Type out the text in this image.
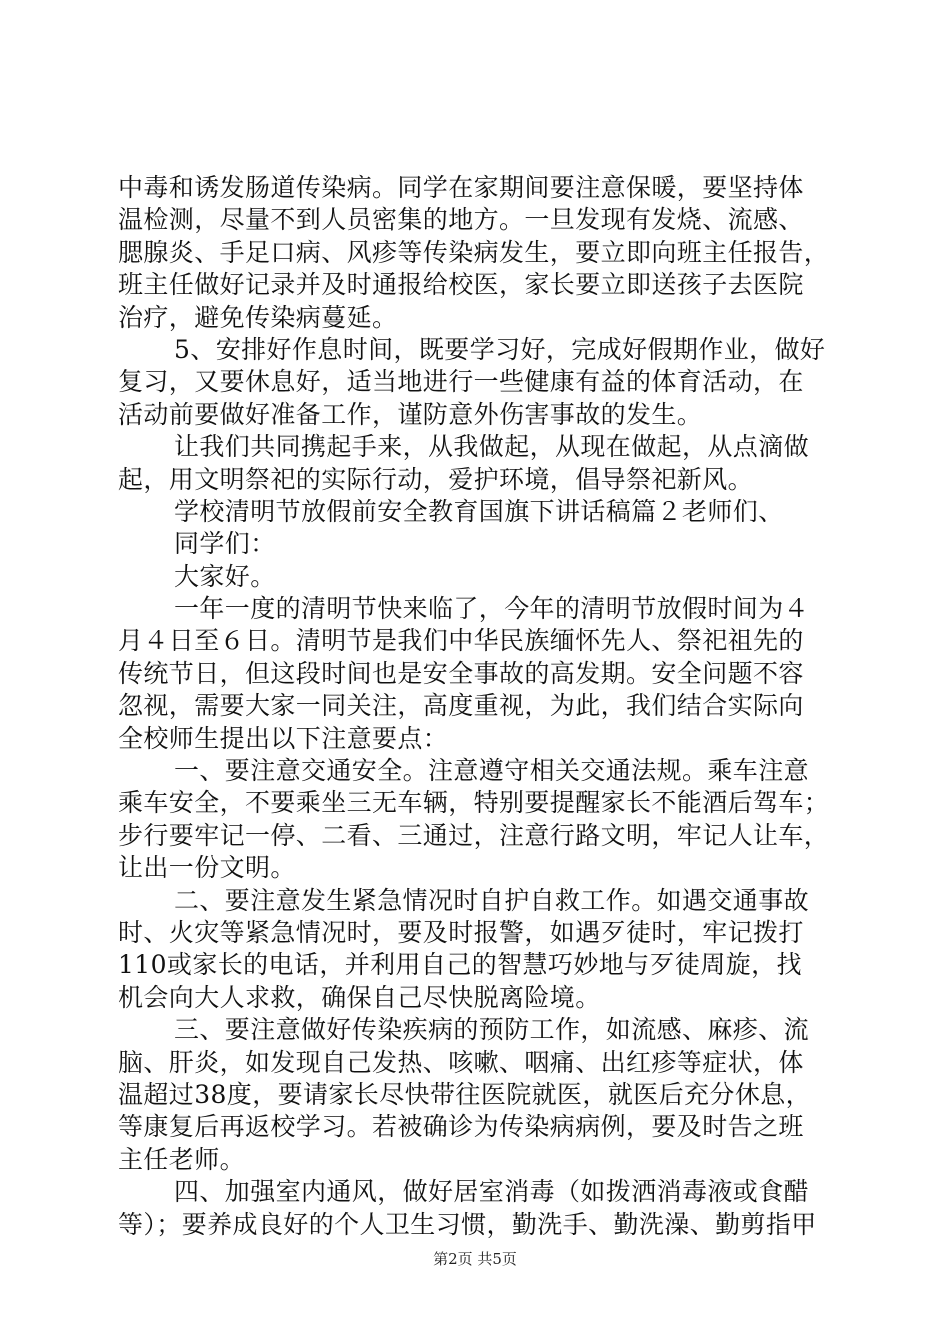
中毒和诱发肠道传染病。同学在家期间要注意保暖，要坚持体
温检测，尽量不到人员密集的地方。一旦发现有发烧、流感、
腮腺炎、手足口病、风疹等传染病发生，要立即向班主任报告，
班主任做好记录并及时通报给校医，家长要立即送孩子去医院
治疗，避免传染病蔓延。
5、安排好作息时间，既要学习好，完成好假期作业，做好
复习，又要休息好，适当地进行一些健康有益的体育活动，在
活动前要做好准备工作，谨防意外伤害事故的发生。
让我们共同携起手来，从我做起，从现在做起，从点滴做
起，用文明祭祀的实际行动，爱护环境，倡导祭祀新风。
学校清明节放假前安全教育国旗下讲话稿篇２老师们、
同学们：
大家好。
一年一度的清明节快来临了，今年的清明节放假时间为４
月４日至６日。清明节是我们中华民族缅怀先人、祭祀祖先的
传统节日，但这段时间也是安全事故的高发期。安全问题不容
忽视，需要大家一同关注，高度重视，为此，我们结合实际向
全校师生提出以下注意要点：
一、要注意交通安全。注意遵守相关交通法规。乘车注意
乘车安全，不要乘坐三无车辆，特别要提醒家长不能酒后驾车；
步行要牢记一停、二看、三通过，注意行路文明，牢记人让车，
让出一份文明。
二、要注意发生紧急情况时自护自救工作。如遇交通事故
时、火灾等紧急情况时，要及时报警，如遇歹徒时，牢记拨打
110或家长的电话，并利用自己的智慧巧妙地与歹徒周旋，找
机会向大人求救，确保自己尽快脱离险境。
三、要注意做好传染疾病的预防工作，如流感、麻疹、流
脑、肝炎，如发现自己发热、咳嗽、咽痛、出红疹等症状，体
温超过38度，要请家长尽快带往医院就医，就医后充分休息，
等康复后再返校学习。若被确诊为传染病病例，要及时告之班
主任老师。
四、加强室内通风，做好居室消毒（如拨洒消毒液或食醋
等）；要养成良好的个人卫生习惯，勤洗手、勤洗澡、勤剪指甲
第2页 共5页
